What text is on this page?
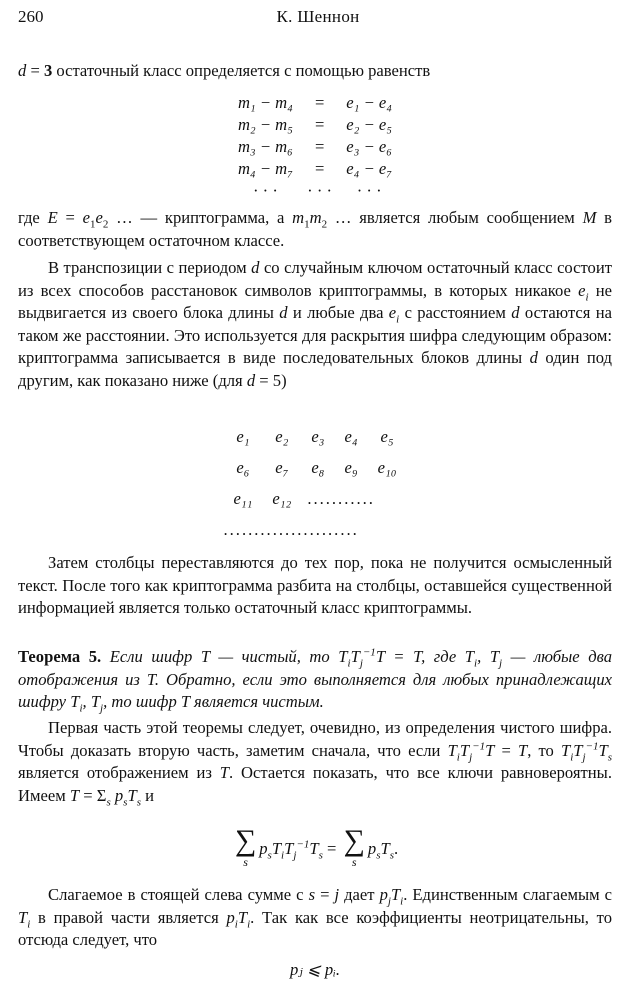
260	К. Шеннон

d = 3 остаточный класс определяется с помощью равенств

m₁ − m₄	=	e₁ − e₄
m₂ − m₅	=	e₂ − e₅
m₃ − m₆	=	e₃ − e₆
m₄ − m₇	=	e₄ − e₇
· · ·	· · ·	· · ·

где $E = e_1e_2$ … — криптограмма, а $m_1m_2$ … является любым сообщением M в соответствующем остаточном классе.

В транспозиции с периодом d со случайным ключом остаточный класс состоит из всех способов расстановок символов криптограммы, в которых никакое $e_i$ не выдвигается из своего блока длины d и любые два $e_i$ с расстоянием d остаются на таком же расстоянии. Это используется для раскрытия шифра следующим образом: криптограмма записывается в виде последовательных блоков длины d один под другим, как показано ниже (для d = 5)

e₁	e₂	e₃	e₄	e₅
e₆	e₇	e₈	e₉	e₁₀
e₁₁	e₁₂	...........		
......................				

Затем столбцы переставляются до тех пор, пока не получится осмысленный текст. После того как криптограмма разбита на столбцы, оставшейся существенной информацией является только остаточный класс криптограммы.

Теорема 5. Если шифр T — чистый, то $T_iT_j^{-1}T = T$, где $T_i$, $T_j$ — любые два отображения из T. Обратно, если это выполняется для любых принадлежащих шифру $T_i$, $T_j$, то шифр T является чистым.

Первая часть этой теоремы следует, очевидно, из определения чистого шифра. Чтобы доказать вторую часть, заметим сначала, что если $T_iT_j^{-1}T = T$, то $T_iT_j^{-1}T_s$ является отображением из T. Остается показать, что все ключи равновероятны. Имеем $T = \Sigma_s$ $p_sT_s$ и

∑
s
$p_sT_iT_j^{-1}T_s$ = ∑
s
$p_sT_s$.

Слагаемое в стоящей слева сумме с s = j дает $p_jT_i$. Единственным слагаемым с $T_i$ в правой части является $p_iT_i$. Так как все коэффициенты неотрицательны, то отсюда следует, что

pⱼ ⩽ pᵢ.
